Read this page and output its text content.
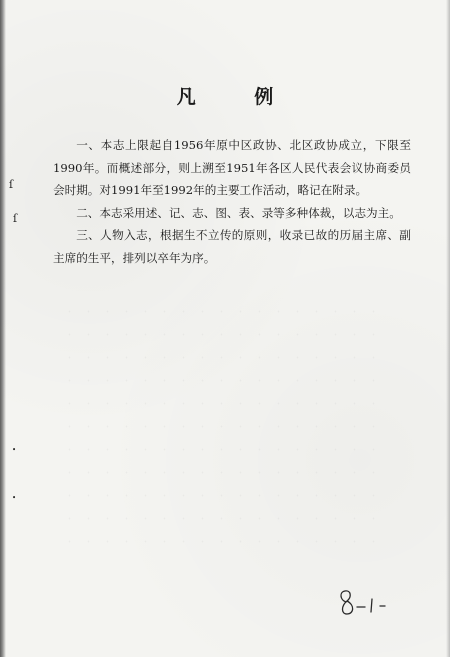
凡 例

一、本志上限起自1956年原中区政协、北区政协成立，下限至1990年。而概述部分，则上溯至1951年各区人民代表会议协商委员会时期。对1991年至1992年的主要工作活动，略记在附录。

二、本志采用述、记、志、图、表、录等多种体裁，以志为主。

三、人物入志，根据生不立传的原则，收录已故的历届主席、副主席的生平，排列以卒年为序。

ſ
ſ
•
•
